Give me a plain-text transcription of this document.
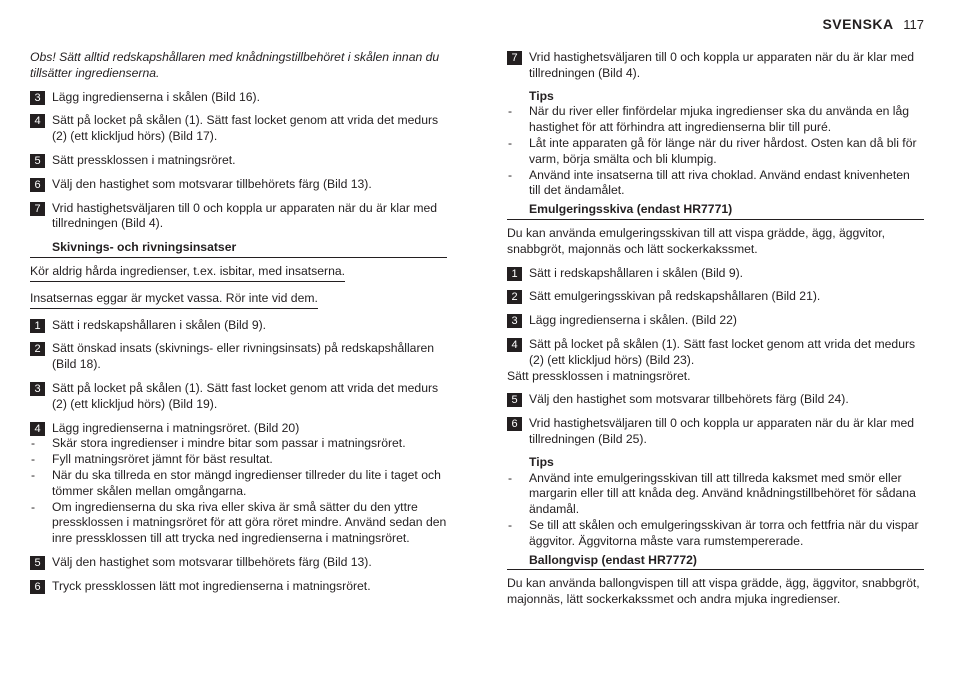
SVENSKA 117
Obs! Sätt alltid redskapshållaren med knådningstillbehöret i skålen innan du tillsätter ingredienserna.
3 Lägg ingredienserna i skålen (Bild 16).
4 Sätt på locket på skålen (1). Sätt fast locket genom att vrida det medurs (2) (ett klickljud hörs) (Bild 17).
5 Sätt pressklossen i matningsröret.
6 Välj den hastighet som motsvarar tillbehörets färg (Bild 13).
7 Vrid hastighetsväljaren till 0 och koppla ur apparaten när du är klar med tillredningen (Bild 4).
Skivnings- och rivningsinsatser
Kör aldrig hårda ingredienser, t.ex. isbitar, med insatserna.
Insatsernas eggar är mycket vassa. Rör inte vid dem.
1 Sätt i redskapshållaren i skålen (Bild 9).
2 Sätt önskad insats (skivnings- eller rivningsinsats) på redskapshållaren (Bild 18).
3 Sätt på locket på skålen (1). Sätt fast locket genom att vrida det medurs (2) (ett klickljud hörs) (Bild 19).
4 Lägg ingredienserna i matningsröret. (Bild 20)
- Skär stora ingredienser i mindre bitar som passar i matningsröret.
- Fyll matningsröret jämnt för bäst resultat.
- När du ska tillreda en stor mängd ingredienser tillreder du lite i taget och tömmer skålen mellan omgångarna.
- Om ingredienserna du ska riva eller skiva är små sätter du den yttre pressklossen i matningsröret för att göra röret mindre. Använd sedan den inre pressklossen till att trycka ned ingredienserna i matningsröret.
5 Välj den hastighet som motsvarar tillbehörets färg (Bild 13).
6 Tryck pressklossen lätt mot ingredienserna i matningsröret.
7 Vrid hastighetsväljaren till 0 och koppla ur apparaten när du är klar med tillredningen (Bild 4).
Tips
- När du river eller finfördelar mjuka ingredienser ska du använda en låg hastighet för att förhindra att ingredienserna blir till puré.
- Låt inte apparaten gå för länge när du river hårdost. Osten kan då bli för varm, börja smälta och bli klumpig.
- Använd inte insatserna till att riva choklad. Använd endast knivenheten till det ändamålet.
Emulgeringsskiva (endast HR7771)
Du kan använda emulgeringsskivan till att vispa grädde, ägg, äggvitor, snabbgröt, majonnäs och lätt sockerkakssmet.
1 Sätt i redskapshållaren i skålen (Bild 9).
2 Sätt emulgeringsskivan på redskapshållaren (Bild 21).
3 Lägg ingredienserna i skålen. (Bild 22)
4 Sätt på locket på skålen (1). Sätt fast locket genom att vrida det medurs (2) (ett klickljud hörs) (Bild 23).
Sätt pressklossen i matningsröret.
5 Välj den hastighet som motsvarar tillbehörets färg (Bild 24).
6 Vrid hastighetsväljaren till 0 och koppla ur apparaten när du är klar med tillredningen (Bild 25).
Tips
- Använd inte emulgeringsskivan till att tillreda kaksmet med smör eller margarin eller till att knåda deg. Använd knådningstillbehöret för sådana ändamål.
- Se till att skålen och emulgeringsskivan är torra och fettfria när du vispar äggvitor. Äggvitorna måste vara rumstempererade.
Ballongvisp (endast HR7772)
Du kan använda ballongvispen till att vispa grädde, ägg, äggvitor, snabbgröt, majonnäs, lätt sockerkakssmet och andra mjuka ingredienser.
